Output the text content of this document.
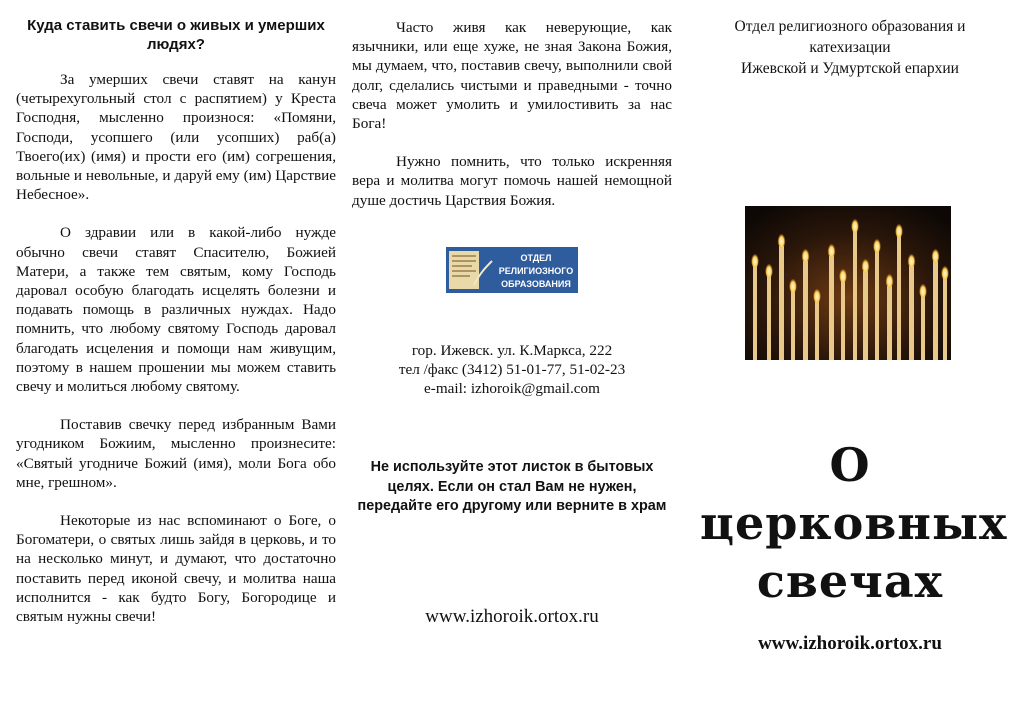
Куда ставить свечи о живых и умерших людях?

За умерших свечи ставят на канун (четырехугольный стол с распятием) у Креста Господня, мысленно произнося: «Помяни, Господи, усопшего (или усопших) раб(а) Твоего(их) (имя) и прости его (им) согрешения, вольные и невольные, и даруй ему (им) Царствие Небесное».

О здравии или в какой-либо нужде обычно свечи ставят Спасителю, Божией Матери, а также тем святым, кому Господь даровал особую благодать исцелять болезни и подавать помощь в различных нуждах. Надо помнить, что любому святому Господь даровал благодать исцеления и помощи нам живущим, поэтому в нашем прошении мы можем ставить свечу и молиться любому святому.

Поставив свечку перед избранным Вами угодником Божиим, мысленно произнесите: «Святый угодниче Божий (имя), моли Бога обо мне, грешном».

Некоторые из нас вспоминают о Боге, о Богоматери, о святых лишь зайдя в церковь, и то на несколько минут, и думают, что достаточно поставить перед иконой свечу, и молитва наша исполнится - как будто Богу, Богородице и святым нужны свечи!

Часто живя как неверующие, как язычники, или еще хуже, не зная Закона Божия, мы думаем, что, поставив свечу, выполнили свой долг, сделались чистыми и праведными - точно свеча может умолить и умилостивить за нас Бога!

Нужно помнить, что только искренняя вера и молитва могут помочь нашей немощной душе достичь Царствия Божия.

ОТДЕЛ
РЕЛИГИОЗНОГО
ОБРАЗОВАНИЯ
гор. Ижевск. ул. К.Маркса, 222
тел /факс (3412) 51-01-77, 51-02-23
e-mail: izhoroik@gmail.com
Не используйте этот листок в бытовых целях. Если он стал Вам не нужен, передайте его другому или верните в храм
www.izhoroik.ortox.ru
Отдел религиозного образования и
катехизации
Ижевской и Удмуртской епархии
О церковных
свечах
www.izhoroik.ortox.ru
